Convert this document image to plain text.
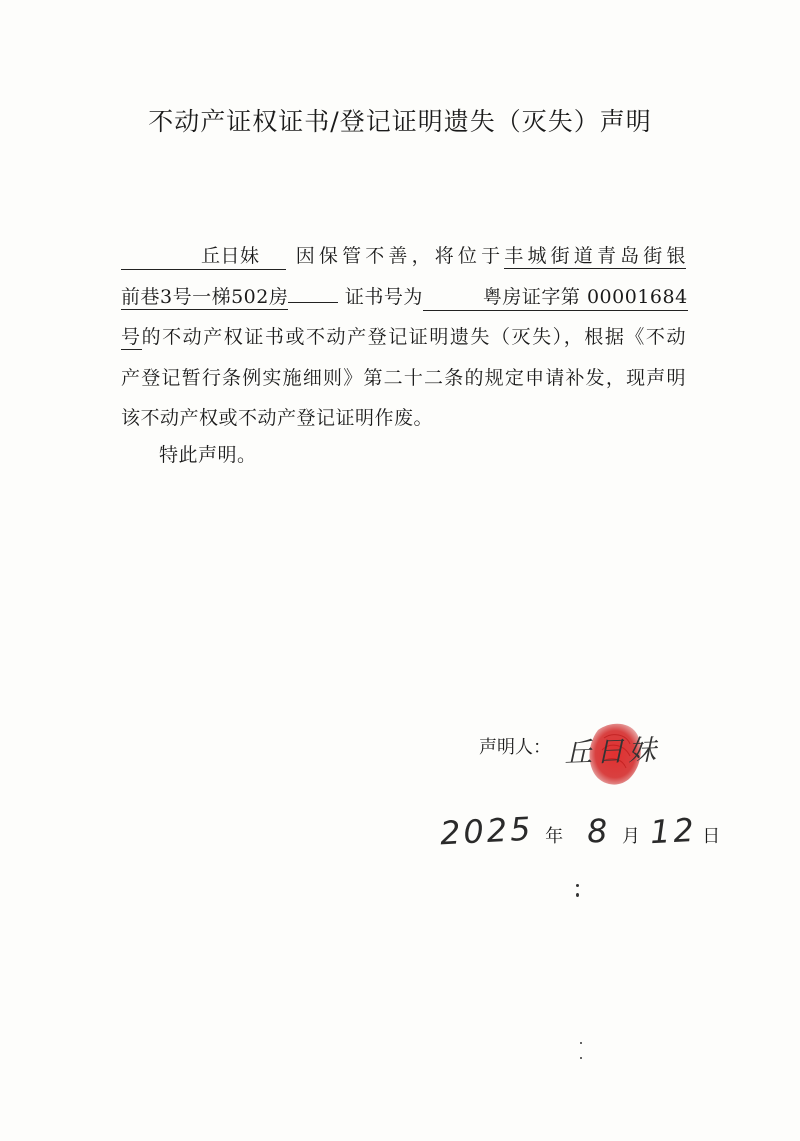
不动产证权证书/登记证明遗失（灭失）声明
丘日妹 因保管不善，将位于丰城街道青岛街银
前巷3号一梯502房	证书号为	粤房证字第 00001684
号的不动产权证书或不动产登记证明遗失（灭失），根据《不动
产登记暂行条例实施细则》第二十二条的规定申请补发，现声明
该不动产权或不动产登记证明作废。
特此声明。
声明人： 丘日妹
2025 年 8 月 12 日
